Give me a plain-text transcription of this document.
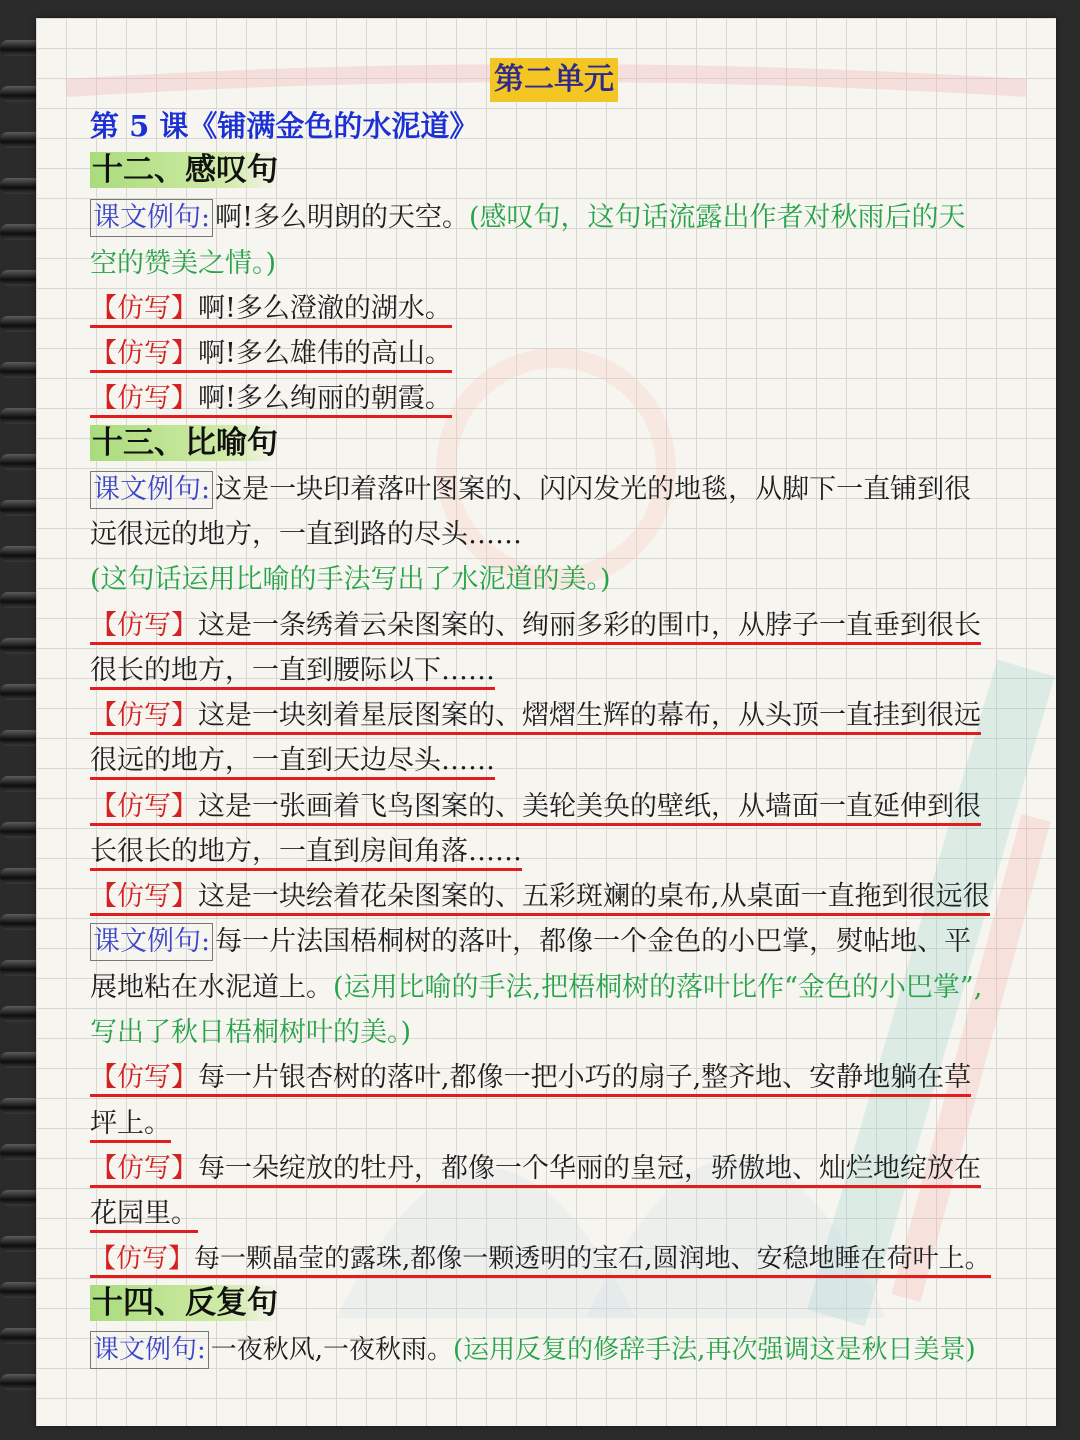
第二单元
第 5 课《铺满金色的水泥道》
十二、感叹句
课文例句: 啊!多么明朗的天空。(感叹句，这句话流露出作者对秋雨后的天
空的赞美之情。)
【仿写】啊!多么澄澈的湖水。
【仿写】啊!多么雄伟的高山。
【仿写】啊!多么绚丽的朝霞。
十三、比喻句
课文例句: 这是一块印着落叶图案的、闪闪发光的地毯，从脚下一直铺到很
远很远的地方，一直到路的尽头……
(这句话运用比喻的手法写出了水泥道的美。)
【仿写】这是一条绣着云朵图案的、绚丽多彩的围巾，从脖子一直垂到很长
很长的地方，一直到腰际以下……
【仿写】这是一块刻着星辰图案的、熠熠生辉的幕布，从头顶一直挂到很远
很远的地方，一直到天边尽头……
【仿写】这是一张画着飞鸟图案的、美轮美奂的壁纸，从墙面一直延伸到很
长很长的地方，一直到房间角落……
【仿写】这是一块绘着花朵图案的、五彩斑斓的桌布,从桌面一直拖到很远很
课文例句: 每一片法国梧桐树的落叶，都像一个金色的小巴掌，熨帖地、平
展地粘在水泥道上。(运用比喻的手法,把梧桐树的落叶比作“金色的小巴掌”,
写出了秋日梧桐树叶的美。)
【仿写】每一片银杏树的落叶,都像一把小巧的扇子,整齐地、安静地躺在草
坪上。
【仿写】每一朵绽放的牡丹，都像一个华丽的皇冠，骄傲地、灿烂地绽放在
花园里。
【仿写】每一颗晶莹的露珠,都像一颗透明的宝石,圆润地、安稳地睡在荷叶上。
十四、反复句
课文例句: 一夜秋风,一夜秋雨。(运用反复的修辞手法,再次强调这是秋日美景)
